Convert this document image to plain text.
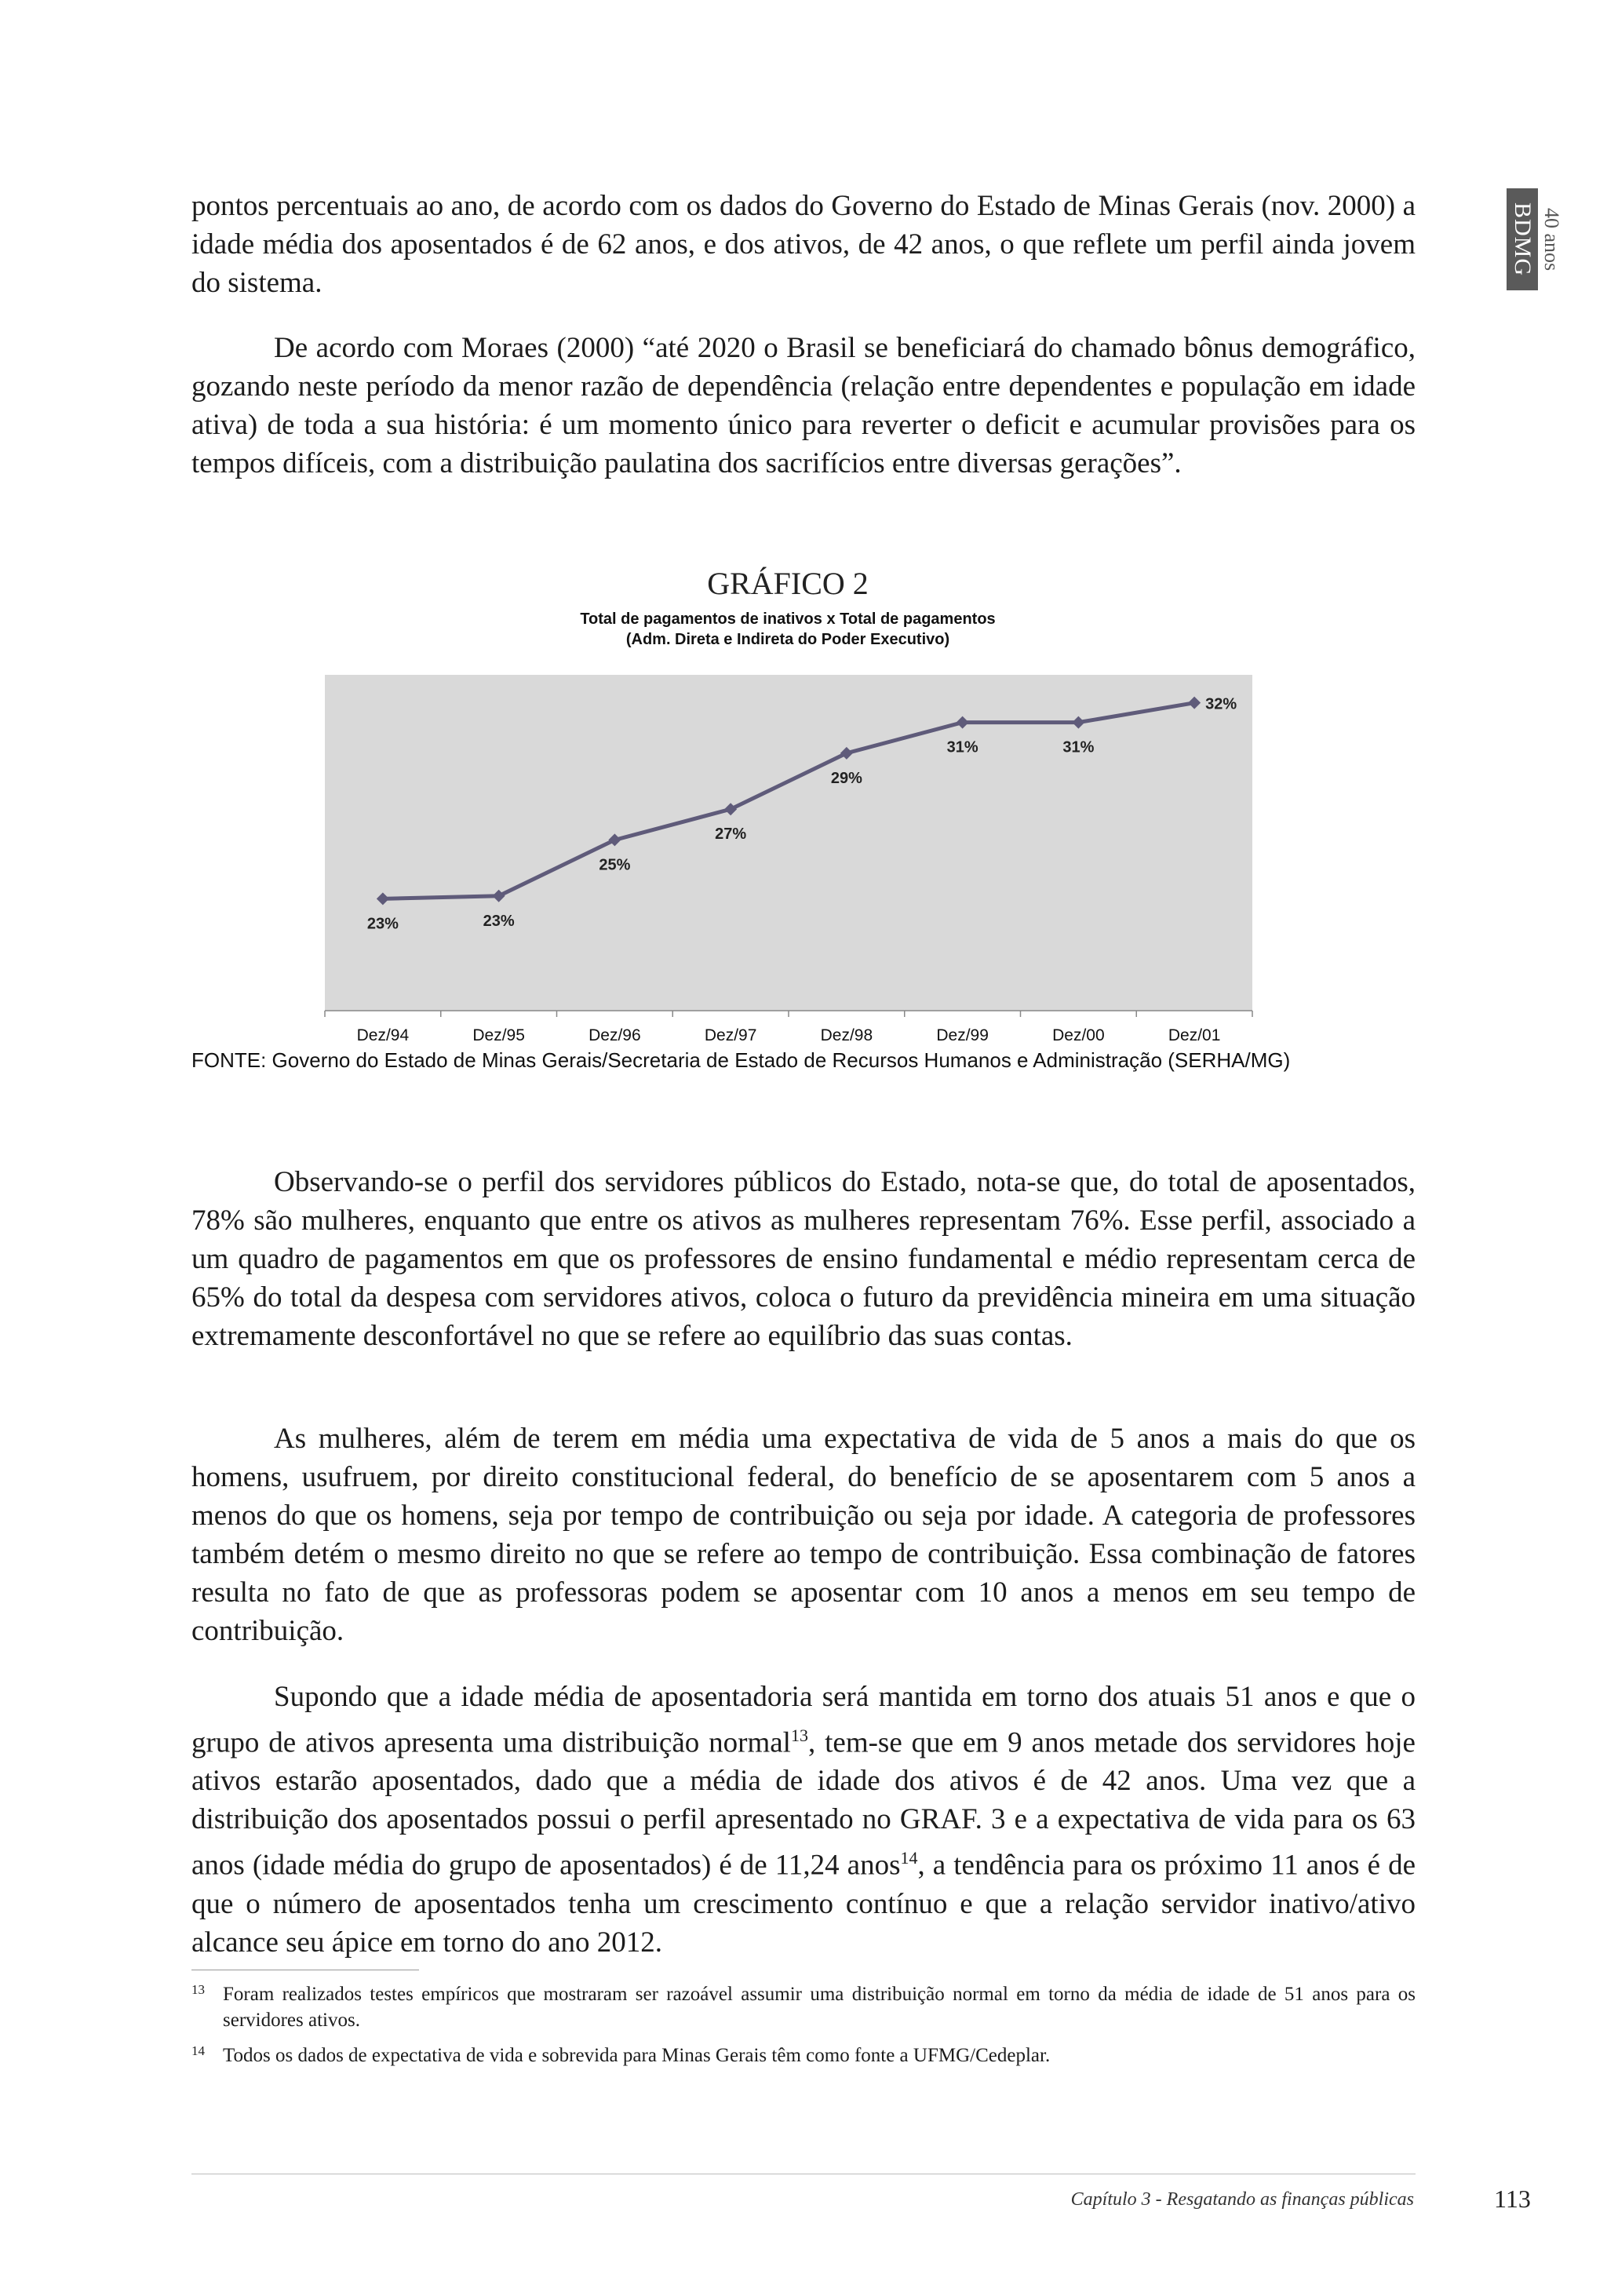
BDMG 40 anos

pontos percentuais ao ano, de acordo com os dados do Governo do Estado de Minas Gerais (nov. 2000) a idade média dos aposentados é de 62 anos, e dos ativos, de 42 anos, o que reflete um perfil ainda jovem do sistema.

De acordo com Moraes (2000) “até 2020 o Brasil se beneficiará do chamado bônus demográfico, gozando neste período da menor razão de dependência (relação entre dependentes e população em idade ativa) de toda a sua história: é um momento único para reverter o deficit e acumular provisões para os tempos difíceis, com a distribuição paulatina dos sacrifícios entre diversas gerações”.

GRÁFICO 2
Total de pagamentos de inativos x Total de pagamentos
(Adm. Direta e Indireta do Poder Executivo)
Dez/94	Dez/95	Dez/96	Dez/97	Dez/98	Dez/99	Dez/00	Dez/01
23%	23%
25%
27%
29%
31%	31%
32%
FONTE: Governo do Estado de Minas Gerais/Secretaria de Estado de Recursos Humanos e Administração (SERHA/MG)

Observando-se o perfil dos servidores públicos do Estado, nota-se que, do total de aposentados, 78% são mulheres, enquanto que entre os ativos as mulheres representam 76%. Esse perfil, associado a um quadro de pagamentos em que os professores de ensino fundamental e médio representam cerca de 65% do total da despesa com servidores ativos, coloca o futuro da previdência mineira em uma situação extremamente desconfortável no que se refere ao equilíbrio das suas contas.

As mulheres, além de terem em média uma expectativa de vida de 5 anos a mais do que os homens, usufruem, por direito constitucional federal, do benefício de se aposentarem com 5 anos a menos do que os homens, seja por tempo de contribuição ou seja por idade. A categoria de professores também detém o mesmo direito no que se refere ao tempo de contribuição. Essa combinação de fatores resulta no fato de que as professoras podem se aposentar com 10 anos a menos em seu tempo de contribuição.

Supondo que a idade média de aposentadoria será mantida em torno dos atuais 51 anos e que o grupo de ativos apresenta uma distribuição normal$^{13}$, tem-se que em 9 anos metade dos servidores hoje ativos estarão aposentados, dado que a média de idade dos ativos é de 42 anos. Uma vez que a distribuição dos aposentados possui o perfil apresentado no GRAF. 3 e a expectativa de vida para os 63 anos (idade média do grupo de aposentados) é de 11,24 anos$^{14}$, a tendência para os próximo 11 anos é de que o número de aposentados tenha um crescimento contínuo e que a relação servidor inativo/ativo alcance seu ápice em torno do ano 2012.

13 Foram realizados testes empíricos que mostraram ser razoável assumir uma distribuição normal em torno da média de idade de 51 anos para os servidores ativos.
14 Todos os dados de expectativa de vida e sobrevida para Minas Gerais têm como fonte a UFMG/Cedeplar.
Capítulo 3 - Resgatando as finanças públicas	113
